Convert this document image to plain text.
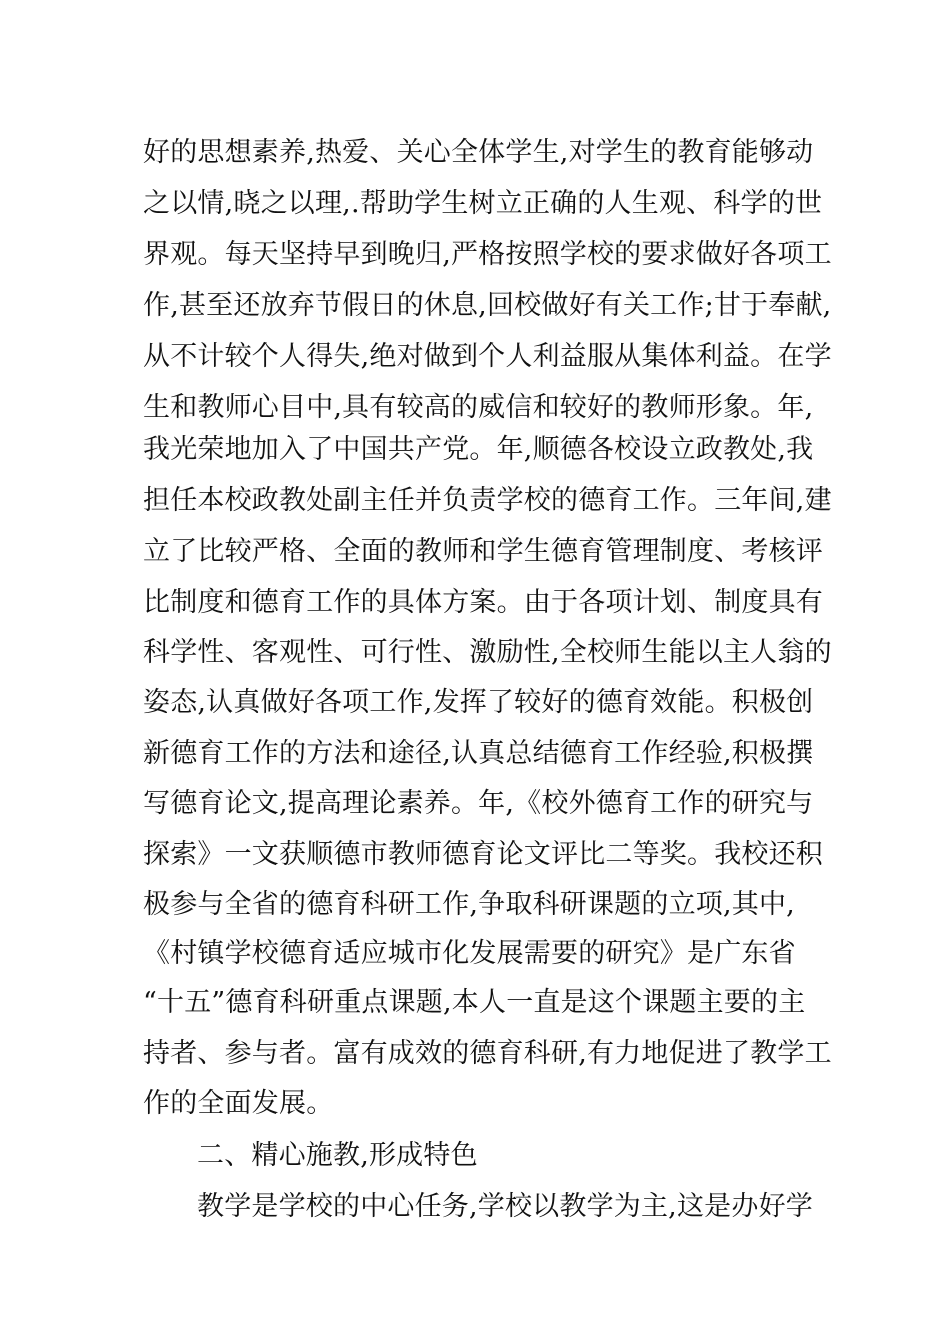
好的思想素养,热爱、关心全体学生,对学生的教育能够动
之以情,晓之以理,.帮助学生树立正确的人生观、科学的世
界观。每天坚持早到晚归,严格按照学校的要求做好各项工
作,甚至还放弃节假日的休息,回校做好有关工作;甘于奉献,
从不计较个人得失,绝对做到个人利益服从集体利益。在学
生和教师心目中,具有较高的威信和较好的教师形象。年,
我光荣地加入了中国共产党。年,顺德各校设立政教处,我
担任本校政教处副主任并负责学校的德育工作。三年间,建
立了比较严格、全面的教师和学生德育管理制度、考核评
比制度和德育工作的具体方案。由于各项计划、制度具有
科学性、客观性、可行性、激励性,全校师生能以主人翁的
姿态,认真做好各项工作,发挥了较好的德育效能。积极创
新德育工作的方法和途径,认真总结德育工作经验,积极撰
写德育论文,提高理论素养。年,《校外德育工作的研究与
探索》一文获顺德市教师德育论文评比二等奖。我校还积
极参与全省的德育科研工作,争取科研课题的立项,其中,
《村镇学校德育适应城市化发展需要的研究》是广东省
“十五”德育科研重点课题,本人一直是这个课题主要的主
持者、参与者。富有成效的德育科研,有力地促进了教学工
作的全面发展。
二、精心施教,形成特色
教学是学校的中心任务,学校以教学为主,这是办好学
